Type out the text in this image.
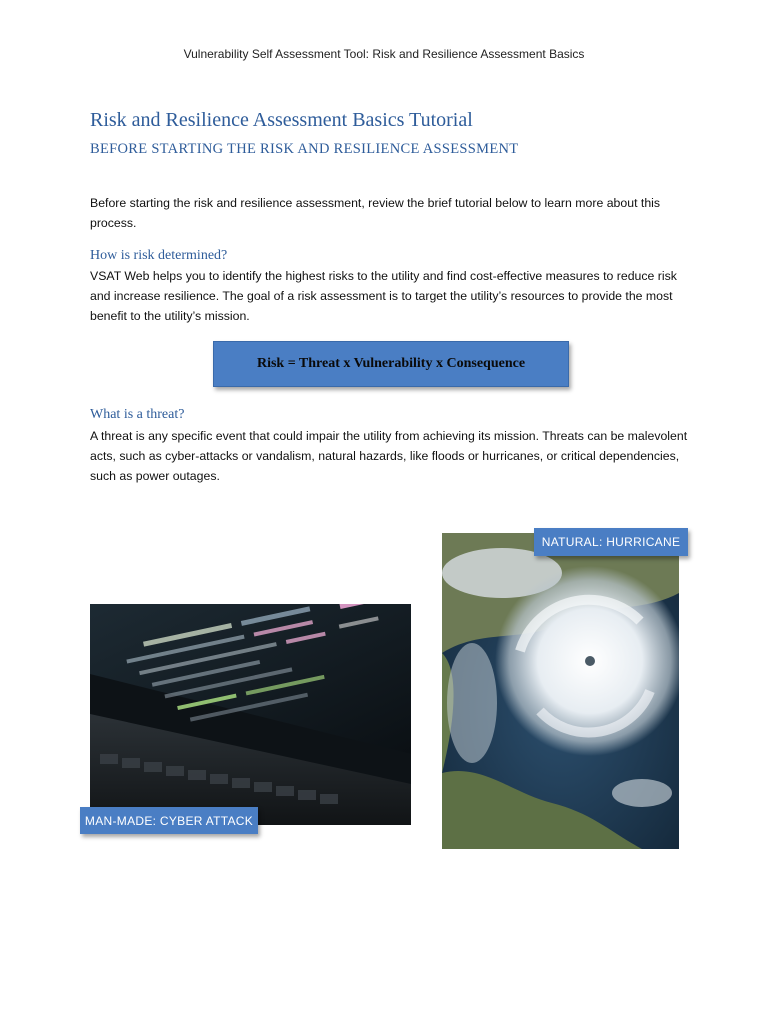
Vulnerability Self Assessment Tool: Risk and Resilience Assessment Basics
Risk and Resilience Assessment Basics Tutorial
BEFORE STARTING THE RISK AND RESILIENCE ASSESSMENT
Before starting the risk and resilience assessment, review the brief tutorial below to learn more about this process.
How is risk determined?
VSAT Web helps you to identify the highest risks to the utility and find cost-effective measures to reduce risk and increase resilience. The goal of a risk assessment is to target the utility’s resources to provide the most benefit to the utility’s mission.
Risk = Threat x Vulnerability x Consequence
What is a threat?
A threat is any specific event that could impair the utility from achieving its mission. Threats can be malevolent acts, such as cyber-attacks or vandalism, natural hazards, like floods or hurricanes, or critical dependencies, such as power outages.
MAN-MADE: CYBER ATTACK
NATURAL: HURRICANE
